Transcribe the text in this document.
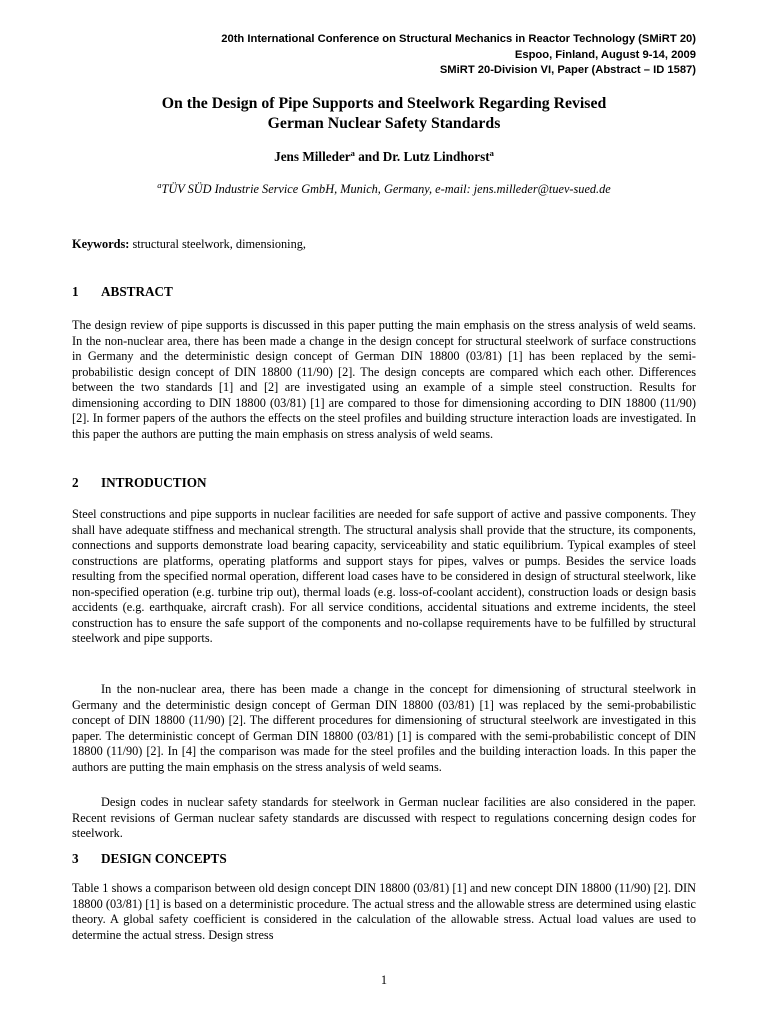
20th International Conference on Structural Mechanics in Reactor Technology (SMiRT 20)
Espoo, Finland, August 9-14, 2009
SMiRT 20-Division VI, Paper (Abstract – ID 1587)
On the Design of Pipe Supports and Steelwork Regarding Revised
German Nuclear Safety Standards
Jens Milleder$^a$ and Dr. Lutz Lindhorst$^a$
$^a$TÜV SÜD Industrie Service GmbH, Munich, Germany, e-mail: jens.milleder@tuev-sued.de
Keywords: structural steelwork, dimensioning,
1 ABSTRACT

The design review of pipe supports is discussed in this paper putting the main emphasis on the stress analysis of weld seams. In the non-nuclear area, there has been made a change in the design concept for structural steelwork of surface constructions in Germany and the deterministic design concept of German DIN 18800 (03/81) [1] has been replaced by the semi-probabilistic design concept of DIN 18800 (11/90) [2]. The design concepts are compared which each other. Differences between the two standards [1] and [2] are investigated using an example of a simple steel construction. Results for dimensioning according to DIN 18800 (03/81) [1] are compared to those for dimensioning according to DIN 18800 (11/90) [2]. In former papers of the authors the effects on the steel profiles and building structure interaction loads are investigated. In this paper the authors are putting the main emphasis on stress analysis of weld seams.

2 INTRODUCTION

Steel constructions and pipe supports in nuclear facilities are needed for safe support of active and passive components. They shall have adequate stiffness and mechanical strength. The structural analysis shall provide that the structure, its components, connections and supports demonstrate load bearing capacity, serviceability and static equilibrium. Typical examples of steel constructions are platforms, operating platforms and support stays for pipes, valves or pumps. Besides the service loads resulting from the specified normal operation, different load cases have to be considered in design of structural steelwork, like non-specified operation (e.g. turbine trip out), thermal loads (e.g. loss-of-coolant accident), construction loads or design basis accidents (e.g. earthquake, aircraft crash). For all service conditions, accidental situations and extreme incidents, the steel construction has to ensure the safe support of the components and no-collapse requirements have to be fulfilled by structural steelwork and pipe supports.

In the non-nuclear area, there has been made a change in the concept for dimensioning of structural steelwork in Germany and the deterministic design concept of German DIN 18800 (03/81) [1] was replaced by the semi-probabilistic concept of DIN 18800 (11/90) [2]. The different procedures for dimensioning of structural steelwork are investigated in this paper. The deterministic concept of German DIN 18800 (03/81) [1] is compared with the semi-probabilistic concept of DIN 18800 (11/90) [2]. In [4] the comparison was made for the steel profiles and the building interaction loads. In this paper the authors are putting the main emphasis on the stress analysis of weld seams.

Design codes in nuclear safety standards for steelwork in German nuclear facilities are also considered in the paper. Recent revisions of German nuclear safety standards are discussed with respect to regulations concerning design codes for steelwork.

3 DESIGN CONCEPTS

Table 1 shows a comparison between old design concept DIN 18800 (03/81) [1] and new concept DIN 18800 (11/90) [2]. DIN 18800 (03/81) [1] is based on a deterministic procedure. The actual stress and the allowable stress are determined using elastic theory. A global safety coefficient is considered in the calculation of the allowable stress. Actual load values are used to determine the actual stress. Design stress

1
